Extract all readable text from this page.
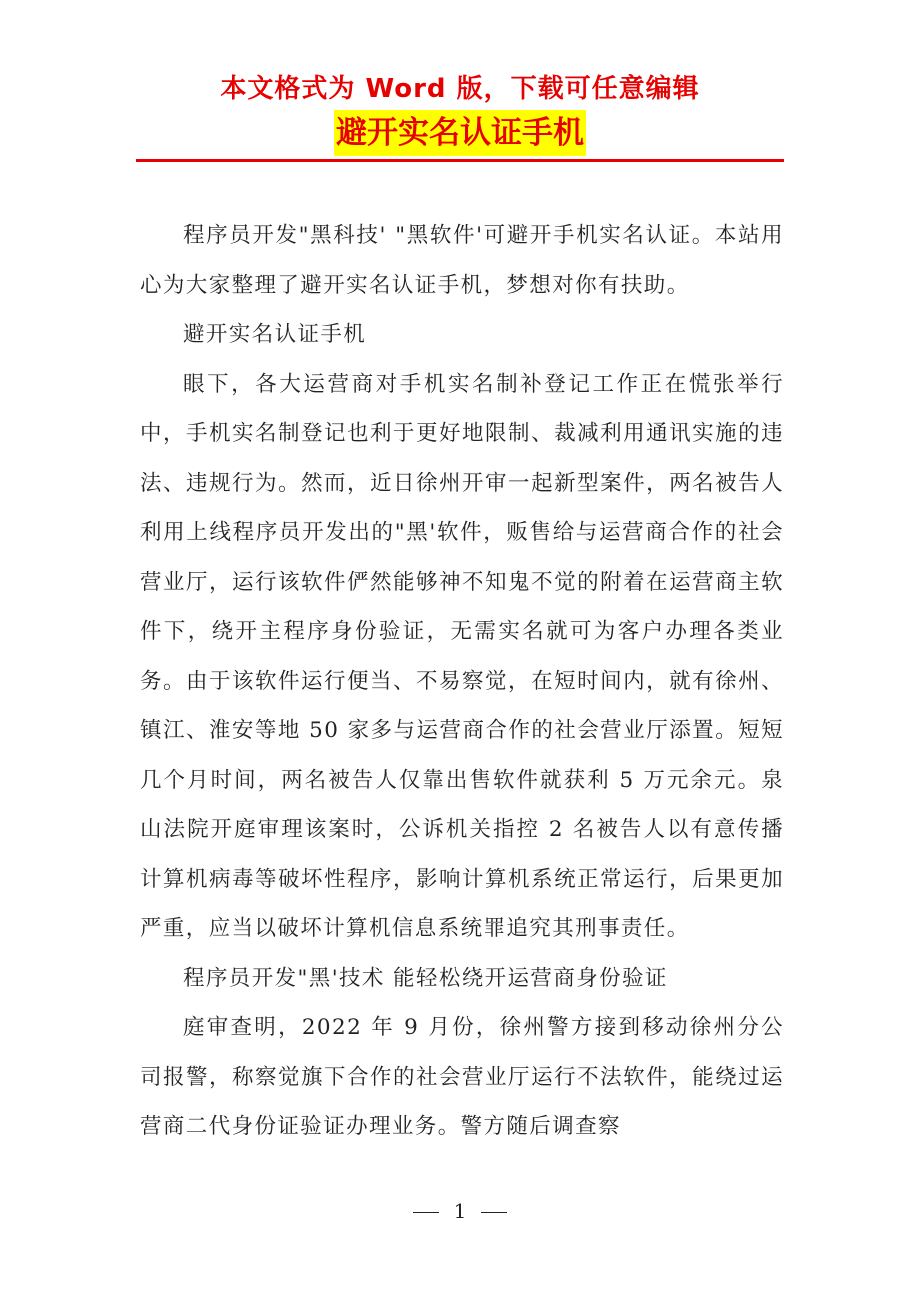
本文格式为 Word 版，下载可任意编辑
避开实名认证手机

程序员开发"黑科技' "黑软件'可避开手机实名认证。本站用心为大家整理了避开实名认证手机，梦想对你有扶助。

避开实名认证手机

眼下，各大运营商对手机实名制补登记工作正在慌张举行中，手机实名制登记也利于更好地限制、裁减利用通讯实施的违法、违规行为。然而，近日徐州开审一起新型案件，两名被告人利用上线程序员开发出的"黑'软件，贩售给与运营商合作的社会营业厅，运行该软件俨然能够神不知鬼不觉的附着在运营商主软件下，绕开主程序身份验证，无需实名就可为客户办理各类业务。由于该软件运行便当、不易察觉，在短时间内，就有徐州、镇江、淮安等地 50 家多与运营商合作的社会营业厅添置。短短几个月时间，两名被告人仅靠出售软件就获利 5 万元余元。泉山法院开庭审理该案时，公诉机关指控 2 名被告人以有意传播计算机病毒等破坏性程序，影响计算机系统正常运行，后果更加严重，应当以破坏计算机信息系统罪追究其刑事责任。

程序员开发"黑'技术 能轻松绕开运营商身份验证

庭审查明，2022 年 9 月份，徐州警方接到移动徐州分公司报警，称察觉旗下合作的社会营业厅运行不法软件，能绕过运营商二代身份证验证办理业务。警方随后调查察

1
